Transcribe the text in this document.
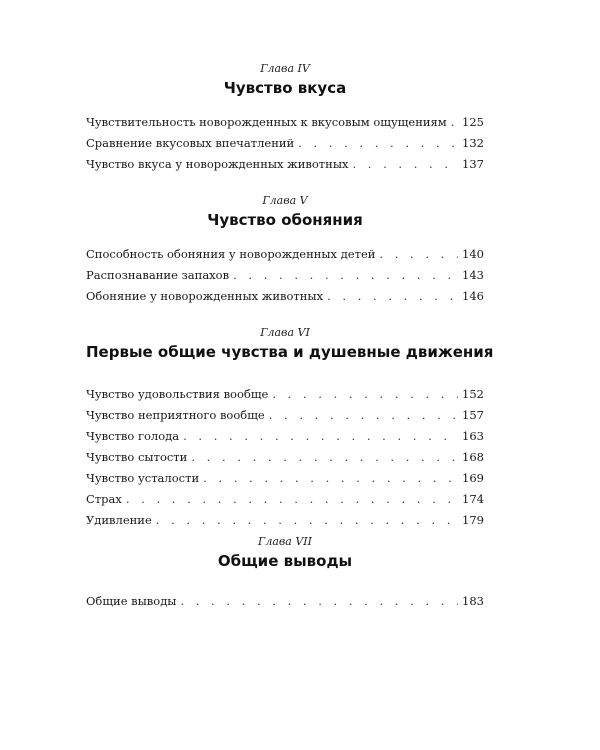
Глава IV
Чувство вкуса
Чувствительность новорожденных к вкусовым ощущениям . . . 125
Сравнение вкусовых впечатлений . . .	132
Чувство вкуса у новорожденных животных . . .	137
Глава V
Чувство обоняния
Способность обоняния у новорожденных детей . . .	140
Распознавание запахов . . .	143
Обоняние у новорожденных животных . . .	146
Глава VI
Первые общие чувства и душевные движения
Чувство удовольствия вообще . . .	152
Чувство неприятного вообще . . .	157
Чувство голода . . .	163
Чувство сытости . . .	168
Чувство усталости . . .	169
Страх . . .	174
Удивление . . .	179
Глава VII
Общие выводы
Общие выводы . . .	183
